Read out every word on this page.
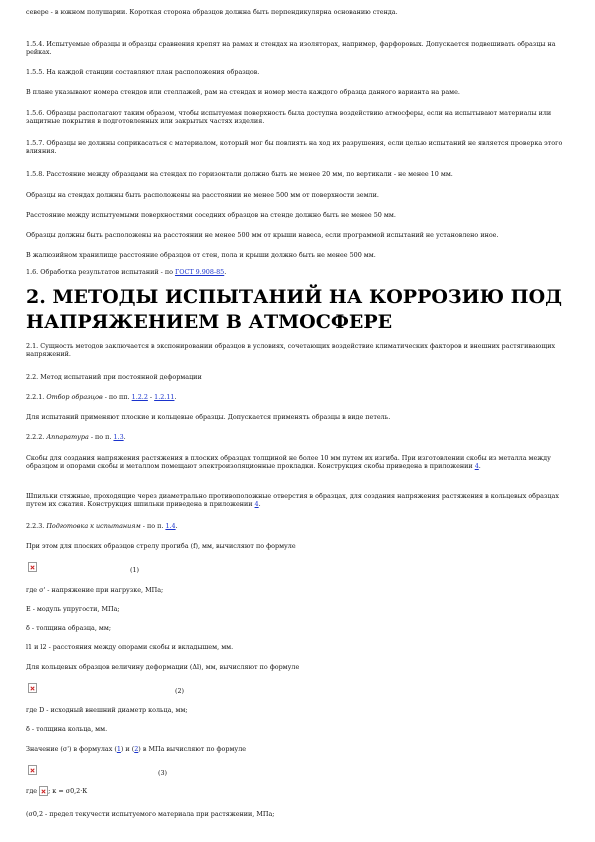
севере - в южном полушарии. Короткая сторона образцов должна быть перпендикулярна основанию стенда.

1.5.4. Испытуемые образцы и образцы сравнения крепят на рамах и стендах на изоляторах, например, фарфоровых. Допускается подвешивать образцы на рейках.

1.5.5. На каждой станции составляют план расположения образцов.

В плане указывают номера стендов или стеллажей, рам на стендах и номер места каждого образца данного варианта на раме.

1.5.6. Образцы располагают таким образом, чтобы испытуемая поверхность была доступна воздействию атмосферы, если на испытывают материалы или защитные покрытия в подготовленных или закрытых частях изделия.

1.5.7. Образцы не должны соприкасаться с материалом, который мог бы повлиять на ход их разрушения, если целью испытаний не является проверка этого влияния.

1.5.8. Расстояние между образцами на стендах по горизонтали должно быть не менее 20 мм, по вертикали - не менее 10 мм.

Образцы на стендах должны быть расположены на расстоянии не менее 500 мм от поверхности земли.

Расстояние между испытуемыми поверхностями соседних образцов на стенде должно быть не менее 50 мм.

Образцы должны быть расположены на расстоянии не менее 500 мм от крыши навеса, если программой испытаний не установлено иное.

В жалюзийном хранилище расстояние образцов от стен, пола и крыши должно быть не менее 500 мм.

1.6. Обработка результатов испытаний - по ГОСТ 9.908-85.

2. МЕТОДЫ ИСПЫТАНИЙ НА КОРРОЗИЮ ПОД НАПРЯЖЕНИЕМ В АТМОСФЕРЕ

2.1. Сущность методов заключается в экспонировании образцов в условиях, сочетающих воздействие климатических факторов и внешних растягивающих напряжений.

2.2. Метод испытаний при постоянной деформации

2.2.1. Отбор образцов - по пп. 1.2.2 - 1.2.11.

Для испытаний применяют плоские и кольцевые образцы. Допускается применять образцы в виде петель.

2.2.2. Аппаратура - по п. 1.3.

Скобы для создания напряжения растяжения в плоских образцах толщиной не более 10 мм путем их изгиба. При изготовлении скобы из металла между образцом и опорами скобы и металлом помещают электроизоляционные прокладки. Конструкция скобы приведена в приложении 4.

Шпильки стяжные, проходящие через диаметрально противоположные отверстия в образцах, для создания напряжения растяжения в кольцевых образцах путем их сжатия. Конструкция шпильки приведена в приложении 4.

2.2.3. Подготовка к испытаниям - по п. 1.4.

При этом для плоских образцов стрелу прогиба (f), мм, вычисляют по формуле

(1)

где σ' - напряжение при нагрузке, МПа;

E - модуль упругости, МПа;

δ - толщина образца, мм;

l1 и l2 - расстояния между опорами скобы и вкладышем, мм.

Для кольцевых образцов величину деформации (Δl), мм, вычисляют по формуле

(2)

где D - исходный внешний диаметр кольца, мм;

δ - толщина кольца, мм.

Значение (σ') в формулах (1) и (2) в МПа вычисляют по формуле

(3)

где ; к = σ0,2·К

(σ0,2 - предел текучести испытуемого материала при растяжении, МПа;
